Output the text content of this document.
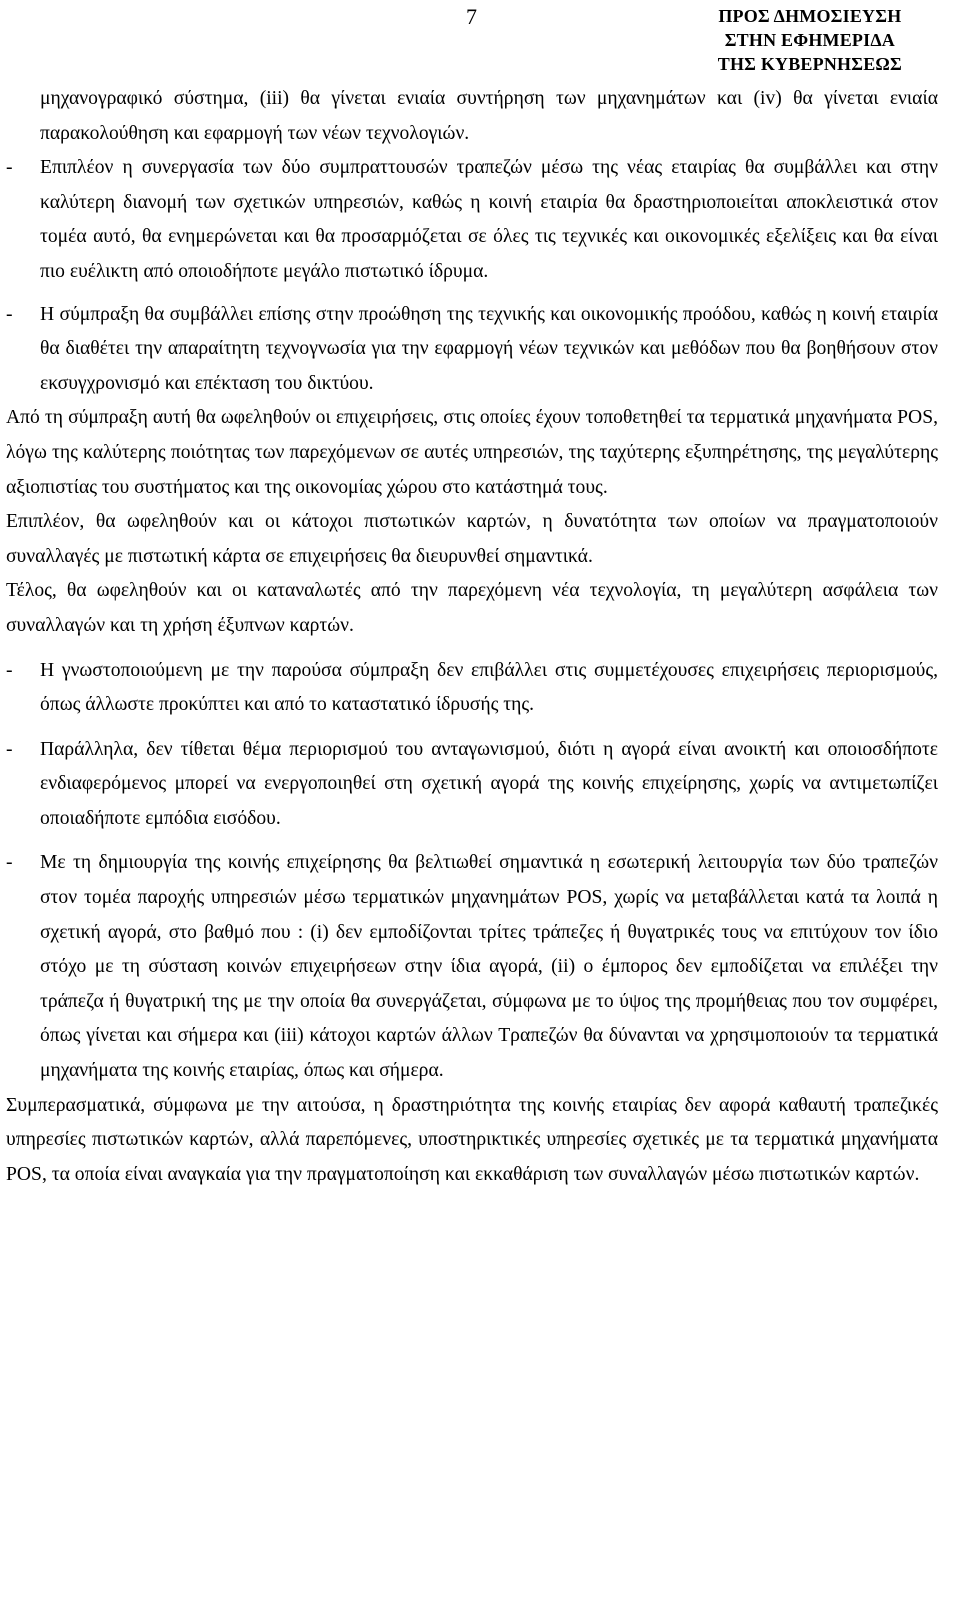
7	ΠΡΟΣ ΔΗΜΟΣΙΕΥΣΗ
ΣΤΗΝ ΕΦΗΜΕΡΙΔΑ
ΤΗΣ ΚΥΒΕΡΝΗΣΕΩΣ

μηχανογραφικό σύστημα, (iii) θα γίνεται ενιαία συντήρηση των μηχανημάτων και (iv) θα γίνεται ενιαία παρακολούθηση και εφαρμογή των νέων τεχνολογιών.

- Επιπλέον η συνεργασία των δύο συμπραττουσών τραπεζών μέσω της νέας εταιρίας θα συμβάλλει και στην καλύτερη διανομή των σχετικών υπηρεσιών, καθώς η κοινή εταιρία θα δραστηριοποιείται αποκλειστικά στον τομέα αυτό, θα ενημερώνεται και θα προσαρμόζεται σε όλες τις τεχνικές και οικονομικές εξελίξεις και θα είναι πιο ευέλικτη από οποιοδήποτε μεγάλο πιστωτικό ίδρυμα.
- Η σύμπραξη θα συμβάλλει επίσης στην προώθηση της τεχνικής και οικονομικής προόδου, καθώς η κοινή εταιρία θα διαθέτει την απαραίτητη τεχνογνωσία για την εφαρμογή νέων τεχνικών και μεθόδων που θα βοηθήσουν στον εκσυγχρονισμό και επέκταση του δικτύου.

Από τη σύμπραξη αυτή θα ωφεληθούν οι επιχειρήσεις, στις οποίες έχουν τοποθετηθεί τα τερματικά μηχανήματα POS, λόγω της καλύτερης ποιότητας των παρεχόμενων σε αυτές υπηρεσιών, της ταχύτερης εξυπηρέτησης, της μεγαλύτερης αξιοπιστίας του συστήματος και της οικονομίας χώρου στο κατάστημά τους.

Επιπλέον, θα ωφεληθούν και οι κάτοχοι πιστωτικών καρτών, η δυνατότητα των οποίων να πραγματοποιούν συναλλαγές με πιστωτική κάρτα σε επιχειρήσεις θα διευρυνθεί σημαντικά.

Τέλος, θα ωφεληθούν και οι καταναλωτές από την παρεχόμενη νέα τεχνολογία, τη μεγαλύτερη ασφάλεια των συναλλαγών και τη χρήση έξυπνων καρτών.

- Η γνωστοποιούμενη με την παρούσα σύμπραξη δεν επιβάλλει στις συμμετέχουσες επιχειρήσεις περιορισμούς, όπως άλλωστε προκύπτει και από το καταστατικό ίδρυσής της.
- Παράλληλα, δεν τίθεται θέμα περιορισμού του ανταγωνισμού, διότι η αγορά είναι ανοικτή και οποιοσδήποτε ενδιαφερόμενος μπορεί να ενεργοποιηθεί στη σχετική αγορά της κοινής επιχείρησης, χωρίς να αντιμετωπίζει οποιαδήποτε εμπόδια εισόδου.
- Με τη δημιουργία της κοινής επιχείρησης θα βελτιωθεί σημαντικά η εσωτερική λειτουργία των δύο τραπεζών στον τομέα παροχής υπηρεσιών μέσω τερματικών μηχανημάτων POS, χωρίς να μεταβάλλεται κατά τα λοιπά η σχετική αγορά, στο βαθμό που : (i) δεν εμποδίζονται τρίτες τράπεζες ή θυγατρικές τους να επιτύχουν τον ίδιο στόχο με τη σύσταση κοινών επιχειρήσεων στην ίδια αγορά, (ii) ο έμπορος δεν εμποδίζεται να επιλέξει την τράπεζα ή θυγατρική της με την οποία θα συνεργάζεται, σύμφωνα με το ύψος της προμήθειας που τον συμφέρει, όπως γίνεται και σήμερα και (iii) κάτοχοι καρτών άλλων Τραπεζών θα δύνανται να χρησιμοποιούν τα τερματικά μηχανήματα της κοινής εταιρίας, όπως και σήμερα.

Συμπερασματικά, σύμφωνα με την αιτούσα, η δραστηριότητα της κοινής εταιρίας δεν αφορά καθαυτή τραπεζικές υπηρεσίες πιστωτικών καρτών, αλλά παρεπόμενες, υποστηρικτικές υπηρεσίες σχετικές με τα τερματικά μηχανήματα POS, τα οποία είναι αναγκαία για την πραγματοποίηση και εκκαθάριση των συναλλαγών μέσω πιστωτικών καρτών.
